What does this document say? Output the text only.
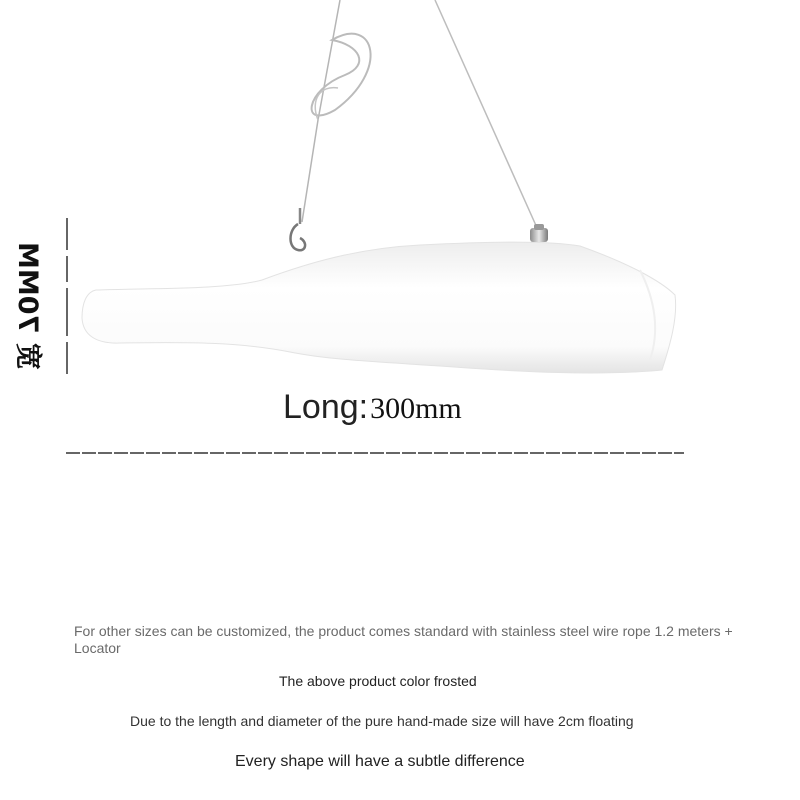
70MM 宽
Long:300mm
For other sizes can be customized, the product comes standard with stainless steel wire rope 1.2 meters + Locator
The above product color frosted
Due to the length and diameter of the pure hand-made size will have 2cm floating
Every shape will have a subtle difference
